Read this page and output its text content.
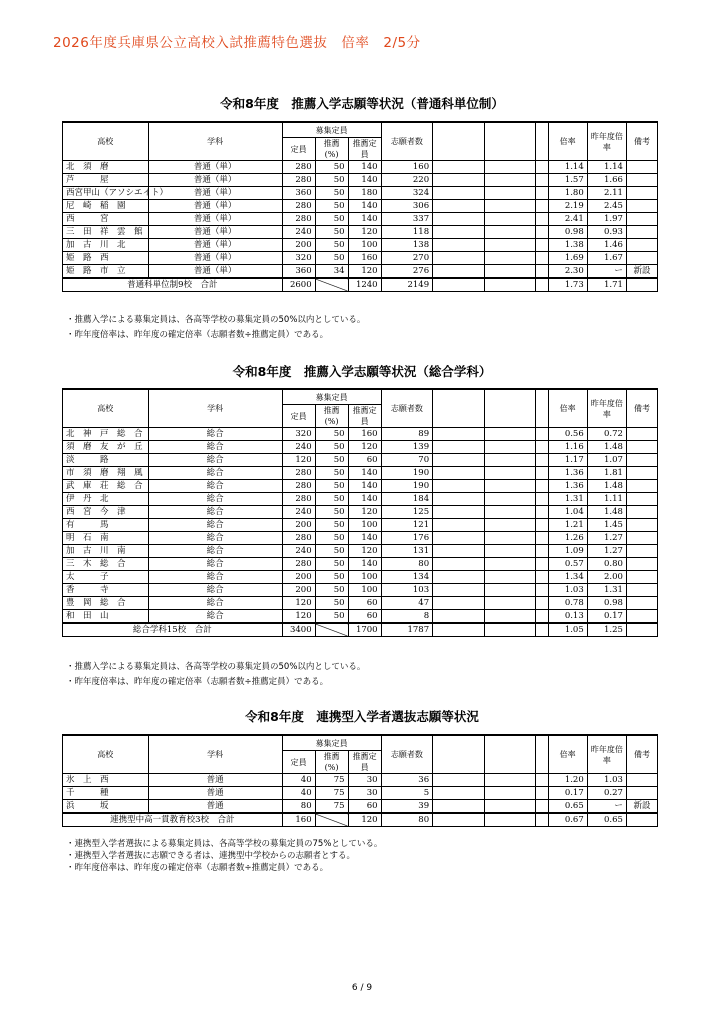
2026年度兵庫県公立高校入試推薦特色選抜　倍率　2/5分
令和8年度　推薦入学志願等状況（普通科単位制）
高校	学科	募集定員			志願者数				倍率	昨年度倍率	備考
		定員	推薦(%)	推薦定員							
北　須　磨	普通（単）	280	50	140	160				1.14	1.14	
芦　　　屋	普通（単）	280	50	140	220				1.57	1.66	
西宮甲山（アソシエイト）	普通（単）	360	50	180	324				1.80	2.11	
尼　崎　稲　園	普通（単）	280	50	140	306				2.19	2.45	
西　　　宮	普通（単）	280	50	140	337				2.41	1.97	
三　田　祥　雲　館	普通（単）	240	50	120	118				0.98	0.93	
加　古　川　北	普通（単）	200	50	100	138				1.38	1.46	
姫　路　西	普通（単）	320	50	160	270				1.69	1.67	
姫　路　市　立	普通（単）	360	34	120	276				2.30	ー	新設
普通科単位制9校　合計		2600		1240	2149				1.73	1.71	
・推薦入学による募集定員は、各高等学校の募集定員の50%以内としている。
・昨年度倍率は、昨年度の確定倍率（志願者数÷推薦定員）である。
令和8年度　推薦入学志願等状況（総合学科）
高校	学科	募集定員			志願者数				倍率	昨年度倍率	備考
		定員	推薦(%)	推薦定員							
北　神　戸　総　合	総合	320	50	160	89				0.56	0.72	
須　磨　友　が　丘	総合	240	50	120	139				1.16	1.48	
淡　　　路	総合	120	50	60	70				1.17	1.07	
市　須　磨　翔　風	総合	280	50	140	190				1.36	1.81	
武　庫　荘　総　合	総合	280	50	140	190				1.36	1.48	
伊　丹　北	総合	280	50	140	184				1.31	1.11	
西　宮　今　津	総合	240	50	120	125				1.04	1.48	
有　　　馬	総合	200	50	100	121				1.21	1.45	
明　石　南	総合	280	50	140	176				1.26	1.27	
加　古　川　南	総合	240	50	120	131				1.09	1.27	
三　木　総　合	総合	280	50	140	80				0.57	0.80	
太　　　子	総合	200	50	100	134				1.34	2.00	
香　　　寺	総合	200	50	100	103				1.03	1.31	
豊　岡　総　合	総合	120	50	60	47				0.78	0.98	
和　田　山	総合	120	50	60	8				0.13	0.17	
総合学科15校　合計		3400		1700	1787				1.05	1.25	
・推薦入学による募集定員は、各高等学校の募集定員の50%以内としている。
・昨年度倍率は、昨年度の確定倍率（志願者数÷推薦定員）である。
令和8年度　連携型入学者選抜志願等状況
高校	学科	募集定員			志願者数				倍率	昨年度倍率	備考
		定員	推薦(%)	推薦定員							
氷　上　西	普通	40	75	30	36				1.20	1.03	
千　　　種	普通	40	75	30	5				0.17	0.27	
浜　　　坂	普通	80	75	60	39				0.65	ー	新設
連携型中高一貫教育校3校　合計		160		120	80				0.67	0.65	
・連携型入学者選抜による募集定員は、各高等学校の募集定員の75%としている。
・連携型入学者選抜に志願できる者は、連携型中学校からの志願者とする。
・昨年度倍率は、昨年度の確定倍率（志願者数÷推薦定員）である。
6 / 9
